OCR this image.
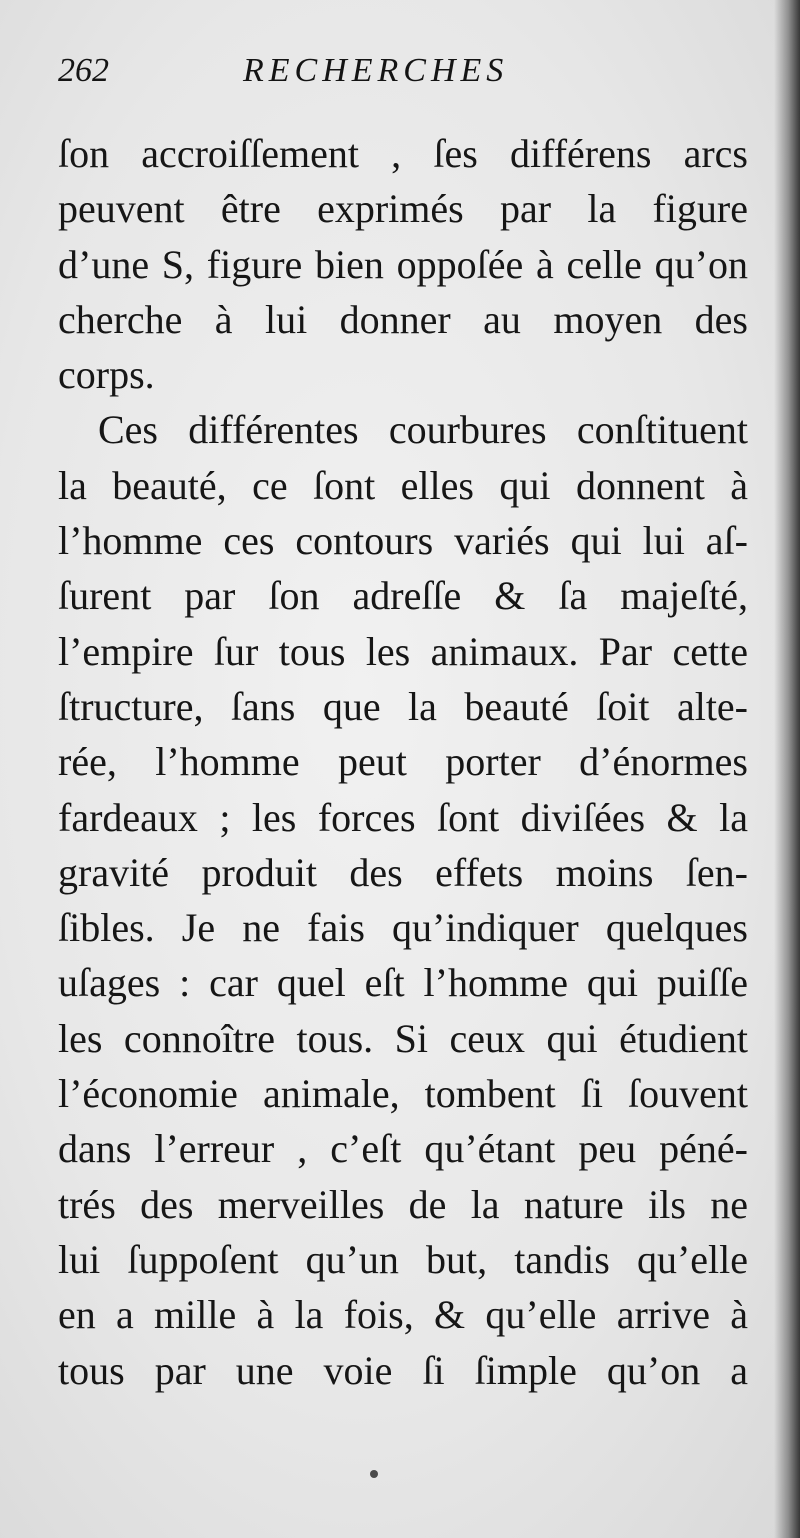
262	RECHERCHES
ſon accroiſſement , ſes différens arcs
peuvent être exprimés par la figure
d’une S, figure bien oppoſée à celle qu’on
cherche à lui donner au moyen des
corps.
Ces différentes courbures conſtituent
la beauté, ce ſont elles qui donnent à
l’homme ces contours variés qui lui aſ-
ſurent par ſon adreſſe & ſa majeſté,
l’empire ſur tous les animaux. Par cette
ſtructure, ſans que la beauté ſoit alte-
rée, l’homme peut porter d’énormes
fardeaux ; les forces ſont diviſées & la
gravité produit des effets moins ſen-
ſibles. Je ne fais qu’indiquer quelques
uſages : car quel eſt l’homme qui puiſſe
les connoître tous. Si ceux qui étudient
l’économie animale, tombent ſi ſouvent
dans l’erreur , c’eſt qu’étant peu péné-
trés des merveilles de la nature ils ne
lui ſuppoſent qu’un but, tandis qu’elle
en a mille à la fois, & qu’elle arrive à
tous par une voie ſi ſimple qu’on a
